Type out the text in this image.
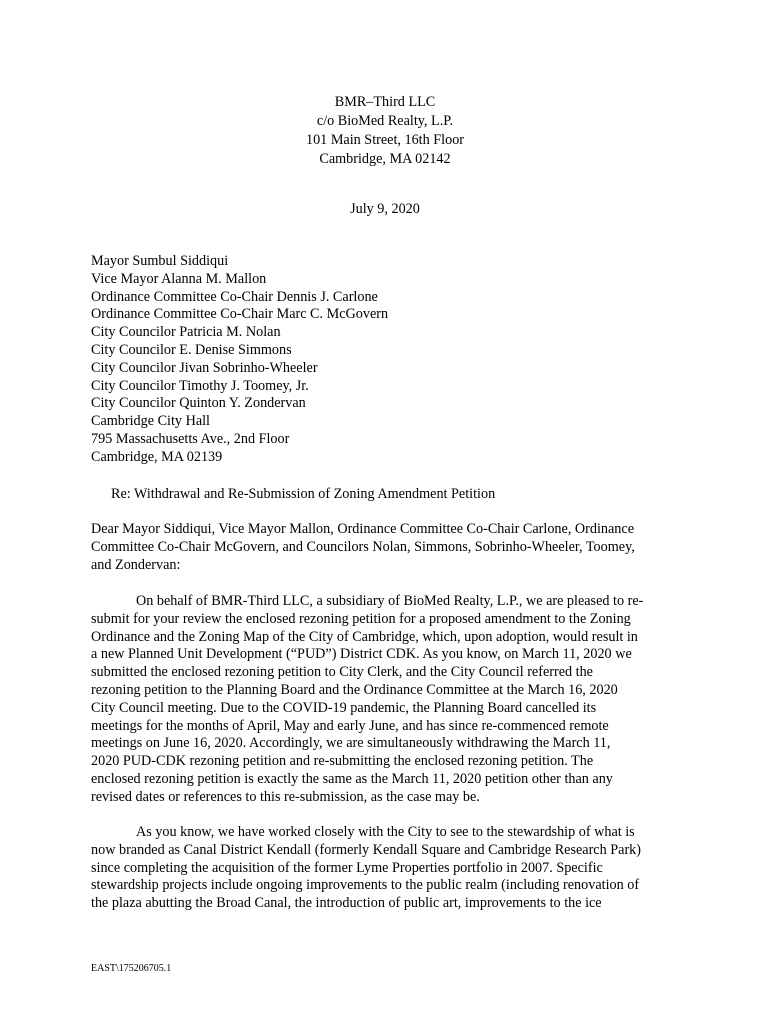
BMR–Third LLC
c/o BioMed Realty, L.P.
101 Main Street, 16th Floor
Cambridge, MA 02142
July 9, 2020
Mayor Sumbul Siddiqui
Vice Mayor Alanna M. Mallon
Ordinance Committee Co-Chair Dennis J. Carlone
Ordinance Committee Co-Chair Marc C. McGovern
City Councilor Patricia M. Nolan
City Councilor E. Denise Simmons
City Councilor Jivan Sobrinho-Wheeler
City Councilor Timothy J. Toomey, Jr.
City Councilor Quinton Y. Zondervan
Cambridge City Hall
795 Massachusetts Ave., 2nd Floor
Cambridge, MA 02139
Re: Withdrawal and Re-Submission of Zoning Amendment Petition
Dear Mayor Siddiqui, Vice Mayor Mallon, Ordinance Committee Co-Chair Carlone, Ordinance
Committee Co-Chair McGovern, and Councilors Nolan, Simmons, Sobrinho-Wheeler, Toomey,
and Zondervan:
On behalf of BMR-Third LLC, a subsidiary of BioMed Realty, L.P., we are pleased to re-
submit for your review the enclosed rezoning petition for a proposed amendment to the Zoning
Ordinance and the Zoning Map of the City of Cambridge, which, upon adoption, would result in
a new Planned Unit Development (“PUD”) District CDK. As you know, on March 11, 2020 we
submitted the enclosed rezoning petition to City Clerk, and the City Council referred the
rezoning petition to the Planning Board and the Ordinance Committee at the March 16, 2020
City Council meeting. Due to the COVID-19 pandemic, the Planning Board cancelled its
meetings for the months of April, May and early June, and has since re-commenced remote
meetings on June 16, 2020. Accordingly, we are simultaneously withdrawing the March 11,
2020 PUD-CDK rezoning petition and re-submitting the enclosed rezoning petition. The
enclosed rezoning petition is exactly the same as the March 11, 2020 petition other than any
revised dates or references to this re-submission, as the case may be.
As you know, we have worked closely with the City to see to the stewardship of what is
now branded as Canal District Kendall (formerly Kendall Square and Cambridge Research Park)
since completing the acquisition of the former Lyme Properties portfolio in 2007. Specific
stewardship projects include ongoing improvements to the public realm (including renovation of
the plaza abutting the Broad Canal, the introduction of public art, improvements to the ice
EAST\175206705.1
